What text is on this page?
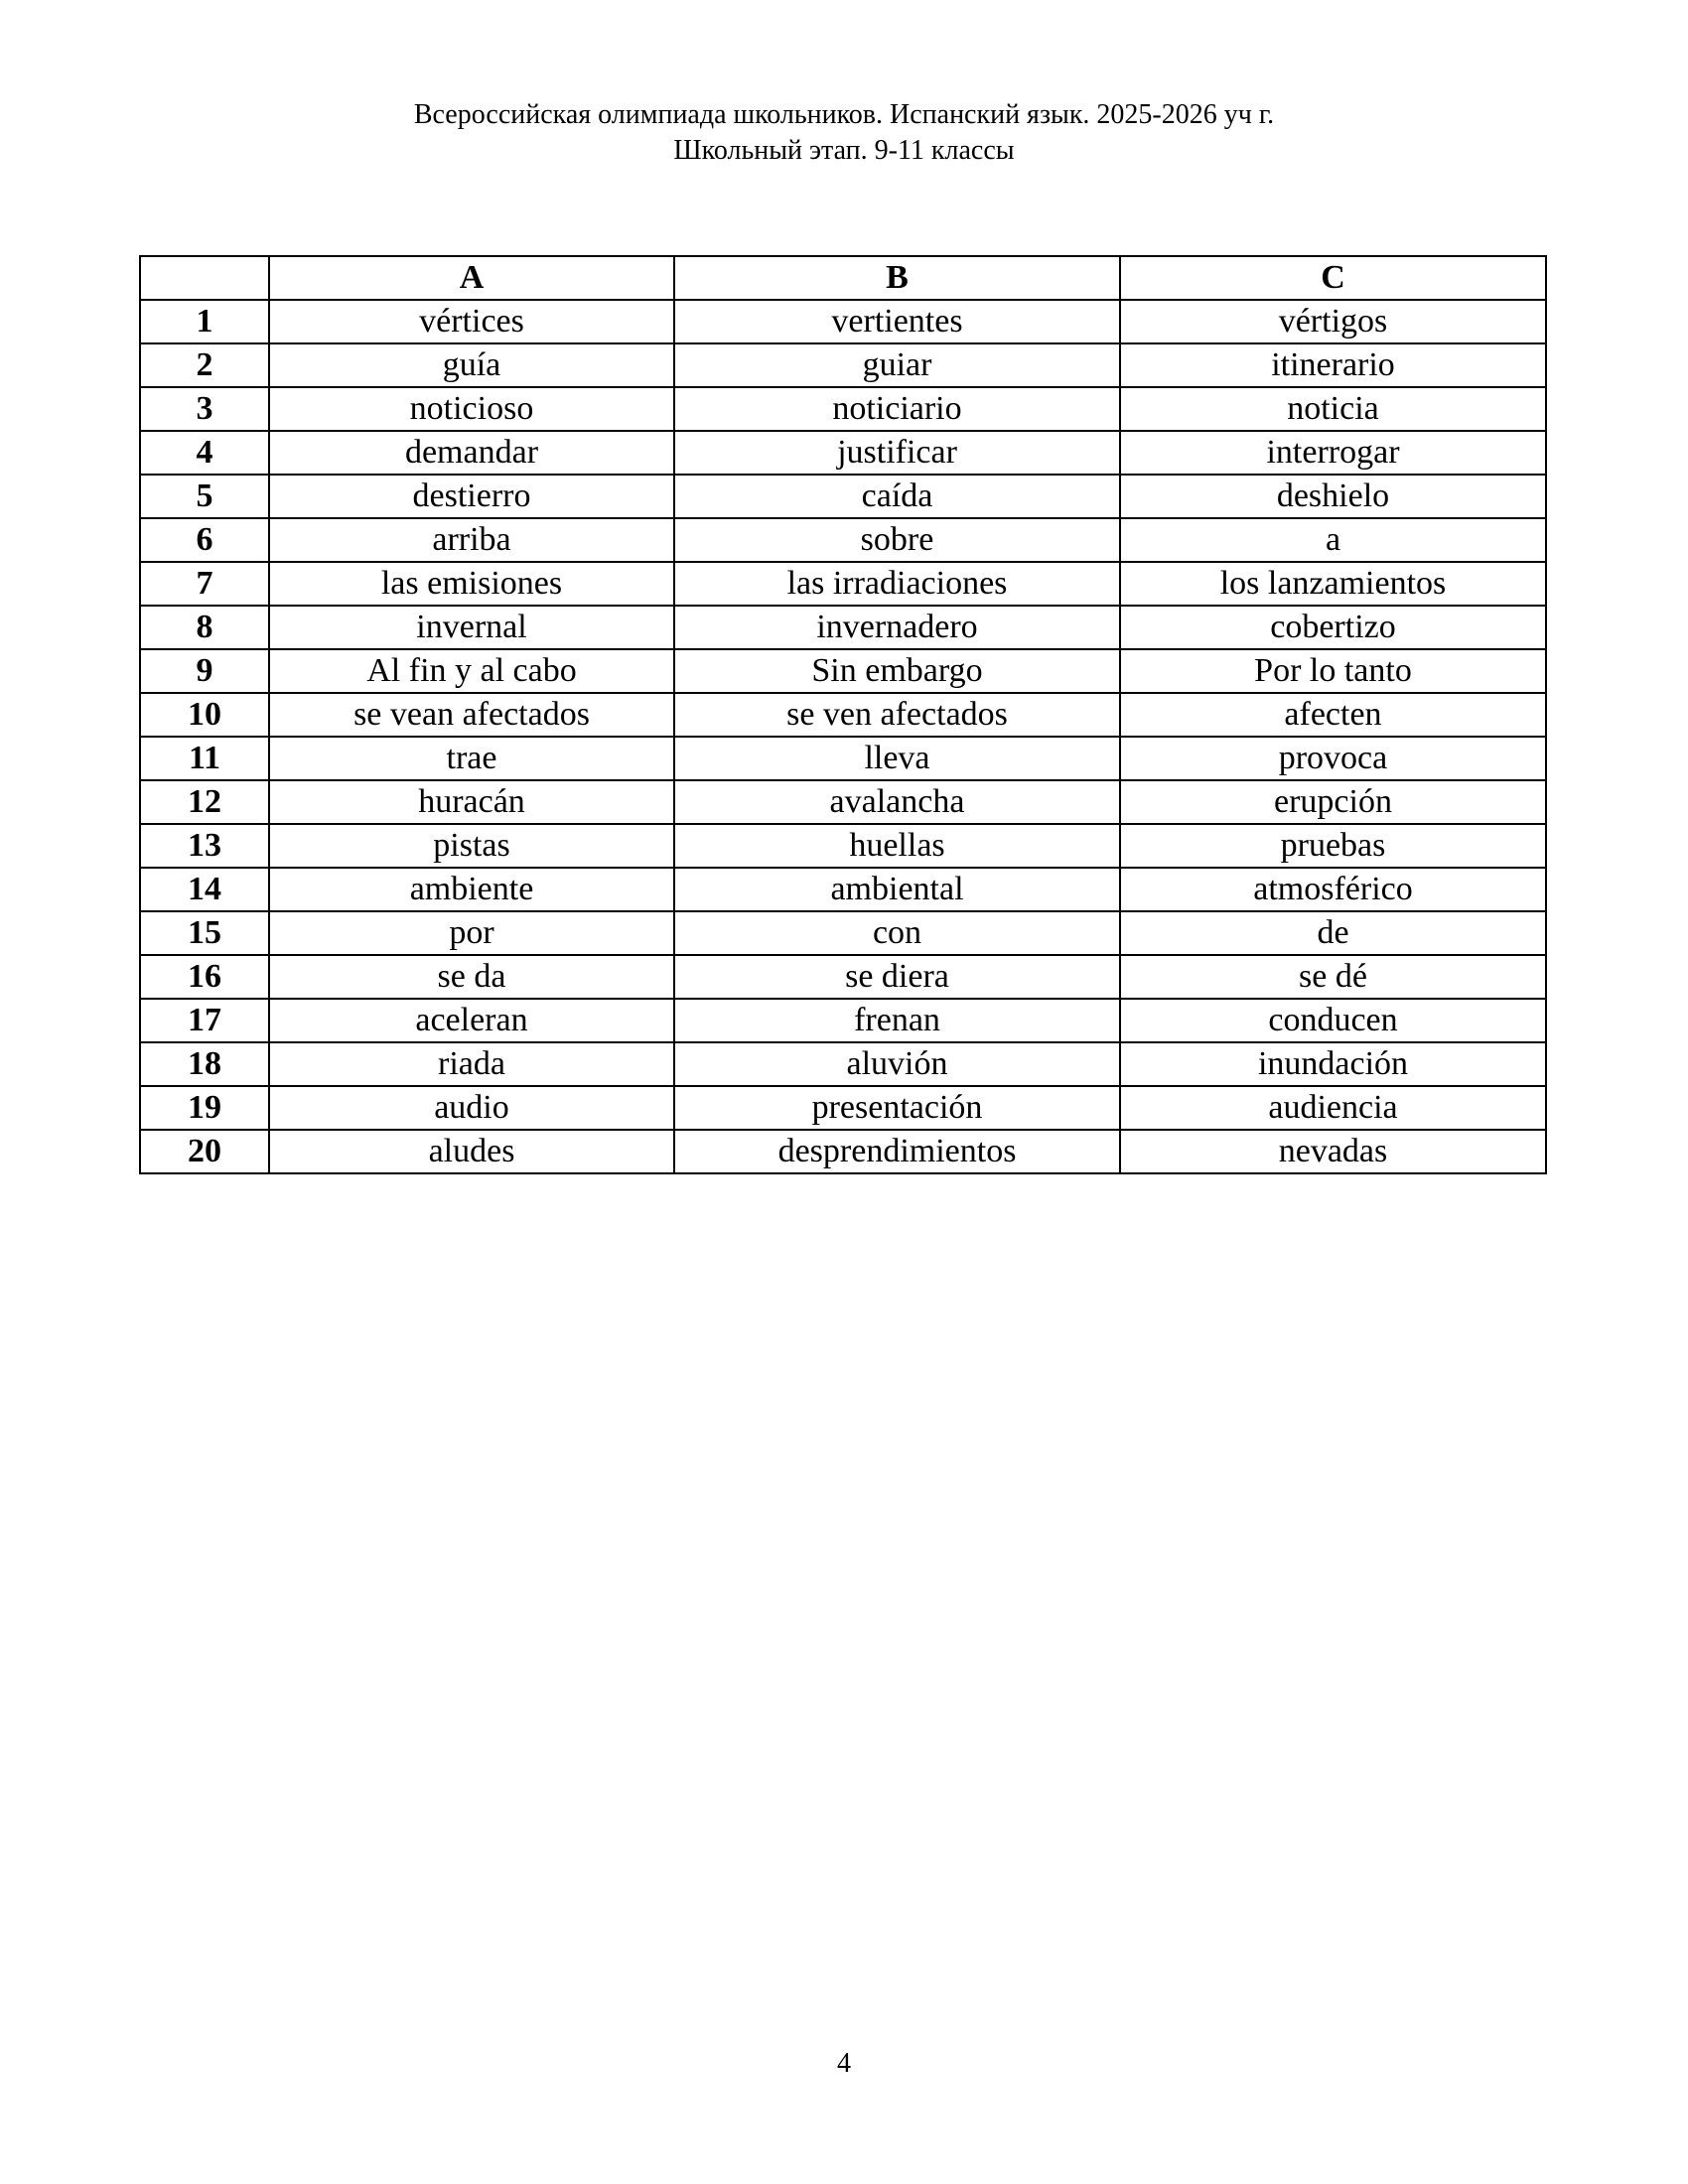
Всероссийская олимпиада школьников. Испанский язык. 2025-2026 уч г.
Школьный этап. 9-11 классы
	A	B	C
1	vértices	vertientes	vértigos
2	guía	guiar	itinerario
3	noticioso	noticiario	noticia
4	demandar	justificar	interrogar
5	destierro	caída	deshielo
6	arriba	sobre	a
7	las emisiones	las irradiaciones	los lanzamientos
8	invernal	invernadero	cobertizo
9	Al fin y al cabo	Sin embargo	Por lo tanto
10	se vean afectados	se ven afectados	afecten
11	trae	lleva	provoca
12	huracán	avalancha	erupción
13	pistas	huellas	pruebas
14	ambiente	ambiental	atmosférico
15	por	con	de
16	se da	se diera	se dé
17	aceleran	frenan	conducen
18	riada	aluvión	inundación
19	audio	presentación	audiencia
20	aludes	desprendimientos	nevadas
4
